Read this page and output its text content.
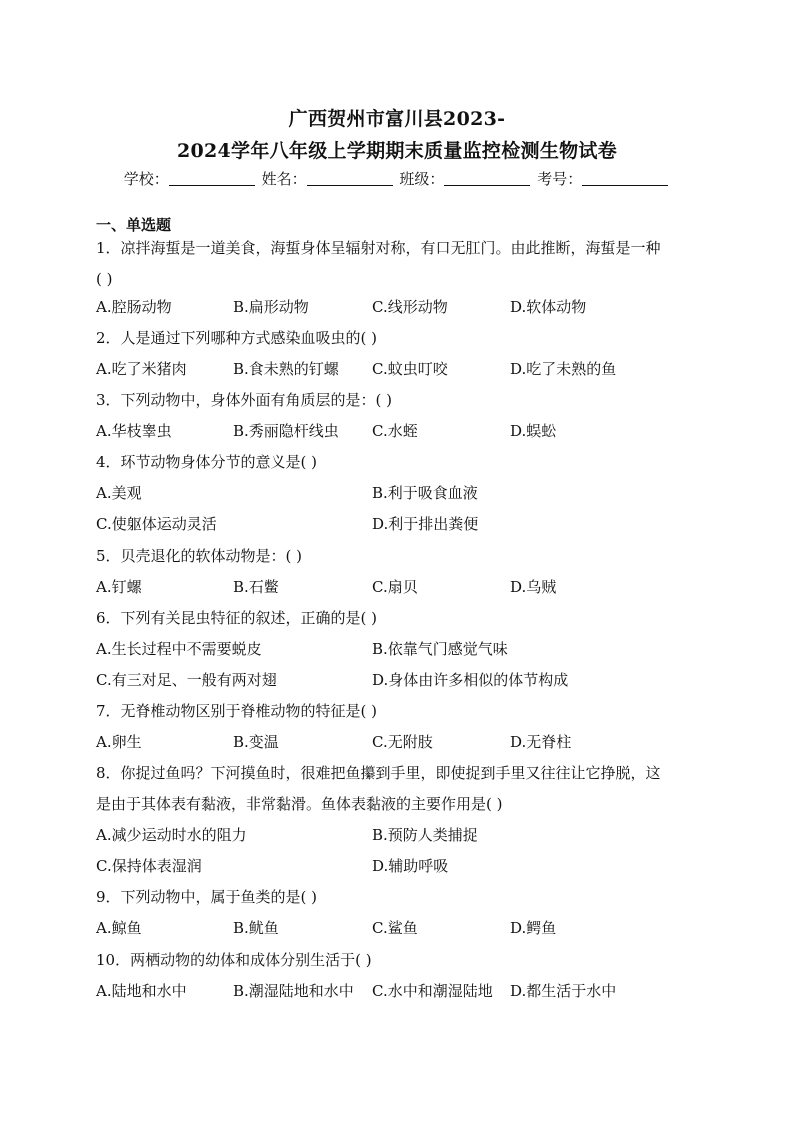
广西贺州市富川县2023-
2024学年八年级上学期期末质量监控检测生物试卷
学校：	姓名：	班级：	考号：
一、单选题
1．凉拌海蜇是一道美食，海蜇身体呈辐射对称，有口无肛门。由此推断，海蜇是一种
( )
A.腔肠动物	B.扁形动物	C.线形动物	D.软体动物
2．人是通过下列哪种方式感染血吸虫的( )
A.吃了米猪肉	B.食未熟的钉螺 C.蚊虫叮咬	D.吃了未熟的鱼
3．下列动物中，身体外面有角质层的是：( )
A.华枝睾虫	B.秀丽隐杆线虫 C.水蛭	D.蜈蚣
4．环节动物身体分节的意义是( )
A.美观	B.利于吸食血液
C.使躯体运动灵活	D.利于排出粪便
5．贝壳退化的软体动物是：( )
A.钉螺	B.石鳖	C.扇贝	D.乌贼
6．下列有关昆虫特征的叙述，正确的是( )
A.生长过程中不需要蜕皮	B.依靠气门感觉气味
C.有三对足、一般有两对翅	D.身体由许多相似的体节构成
7．无脊椎动物区别于脊椎动物的特征是( )
A.卵生	B.变温	C.无附肢	D.无脊柱
8．你捉过鱼吗？下河摸鱼时，很难把鱼攥到手里，即使捉到手里又往往让它挣脱，这
是由于其体表有黏液，非常黏滑。鱼体表黏液的主要作用是( )
A.减少运动时水的阻力	B.预防人类捕捉
C.保持体表湿润	D.辅助呼吸
9．下列动物中，属于鱼类的是( )
A.鲸鱼	B.鱿鱼	C.鲨鱼	D.鳄鱼
10．两栖动物的幼体和成体分别生活于( )
A.陆地和水中	B.潮湿陆地和水中 C.水中和潮湿陆地 D.都生活于水中
